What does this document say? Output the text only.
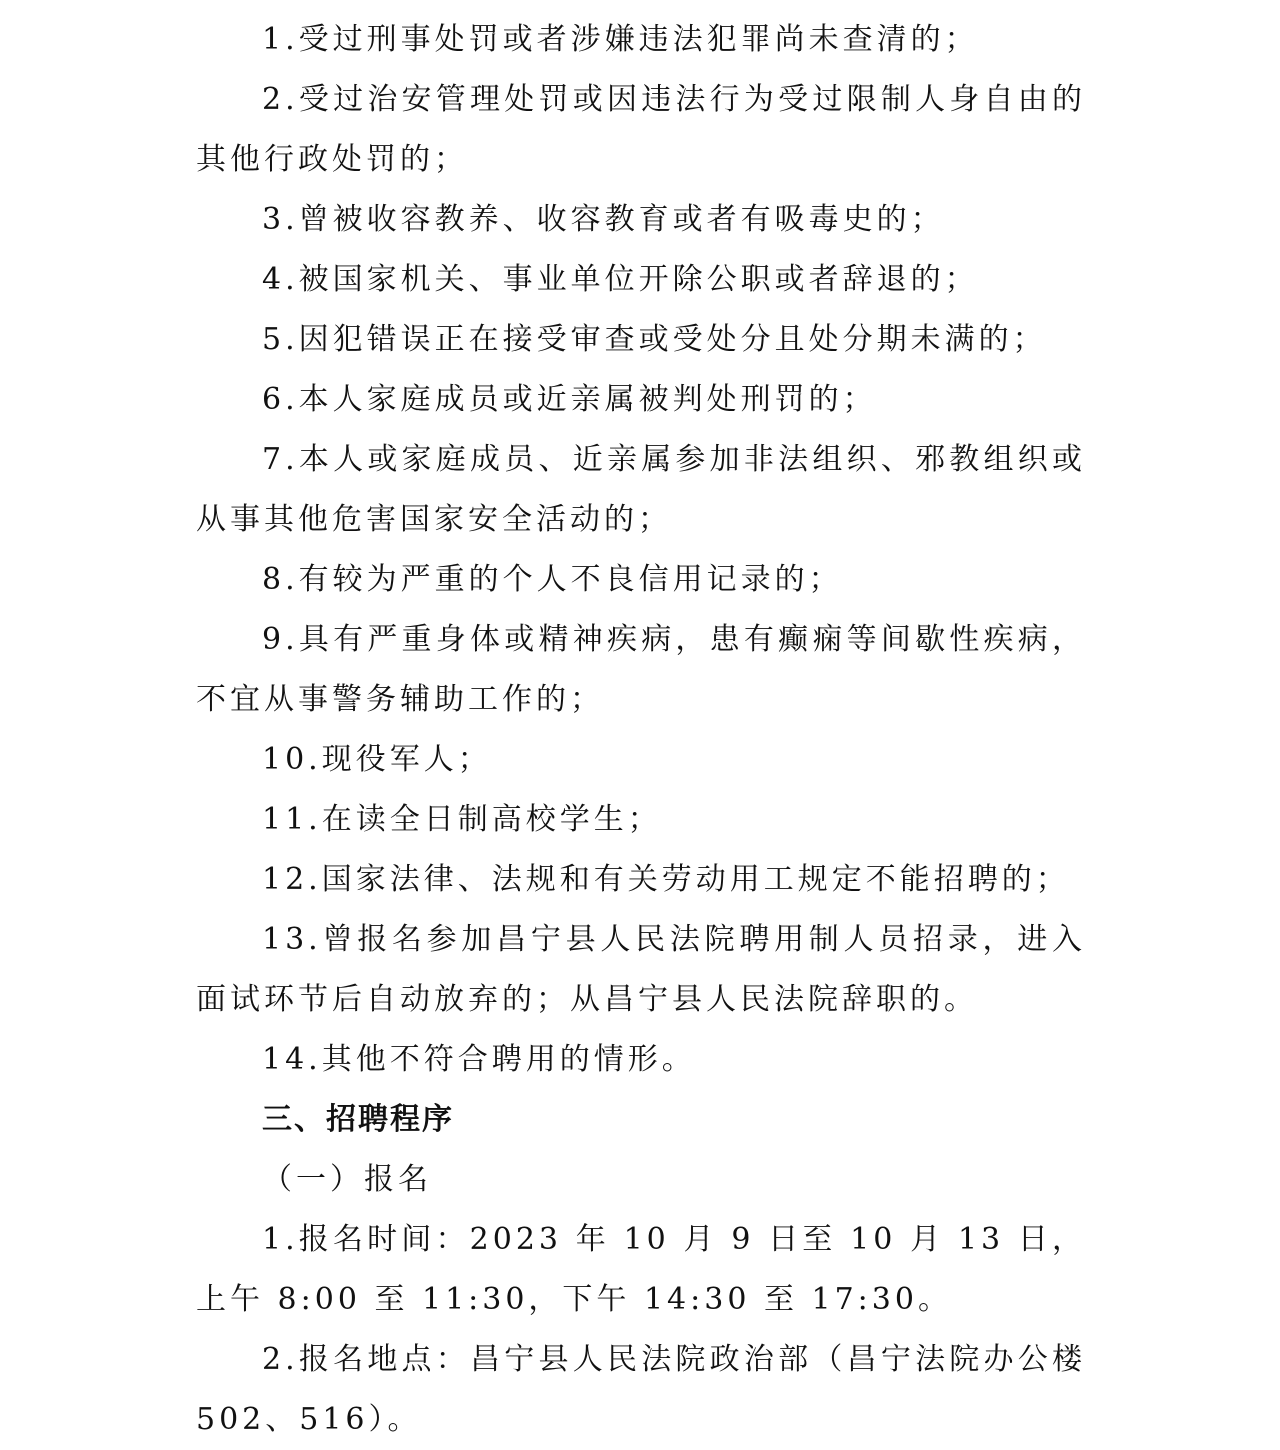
1.受过刑事处罚或者涉嫌违法犯罪尚未查清的；

2.受过治安管理处罚或因违法行为受过限制人身自由的其他行政处罚的；

3.曾被收容教养、收容教育或者有吸毒史的；

4.被国家机关、事业单位开除公职或者辞退的；

5.因犯错误正在接受审查或受处分且处分期未满的；

6.本人家庭成员或近亲属被判处刑罚的；

7.本人或家庭成员、近亲属参加非法组织、邪教组织或从事其他危害国家安全活动的；

8.有较为严重的个人不良信用记录的；

9.具有严重身体或精神疾病，患有癫痫等间歇性疾病，不宜从事警务辅助工作的；

10.现役军人；

11.在读全日制高校学生；

12.国家法律、法规和有关劳动用工规定不能招聘的；

13.曾报名参加昌宁县人民法院聘用制人员招录，进入面试环节后自动放弃的；从昌宁县人民法院辞职的。

14.其他不符合聘用的情形。

三、招聘程序

（一）报名

1.报名时间：2023 年 10 月 9 日至 10 月 13 日，上午 8:00 至 11:30，下午 14:30 至 17:30。

2.报名地点：昌宁县人民法院政治部（昌宁法院办公楼 502、516）。
